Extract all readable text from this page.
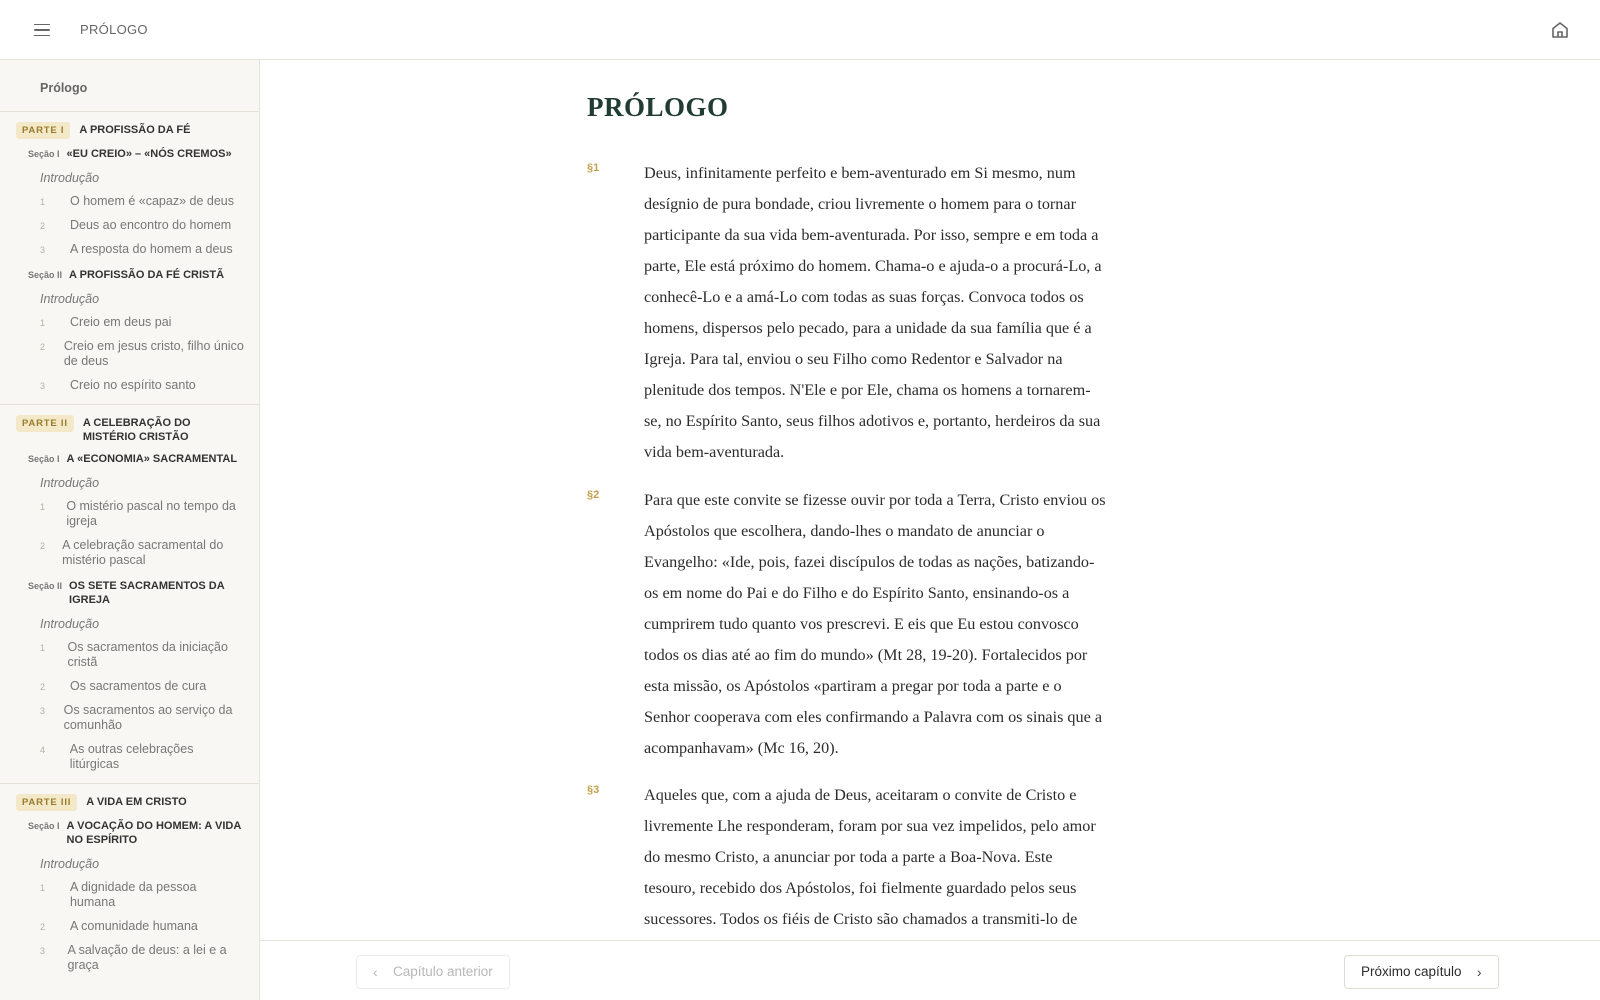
PRÓLOGO
Prólogo
PARTE I	A PROFISSÃO DA FÉ
Seção I «EU CREIO» – «NÓS CREMOS»
Introdução
1	O homem é «capaz» de deus
2	Deus ao encontro do homem
3	A resposta do homem a deus
Seção II A PROFISSÃO DA FÉ CRISTÃ
Introdução
1	Creio em deus pai
2	Creio em jesus cristo, filho único de deus
3	Creio no espírito santo
PARTE II	A CELEBRAÇÃO DO MISTÉRIO CRISTÃO
Seção I A «ECONOMIA» SACRAMENTAL
Introdução
1	O mistério pascal no tempo da igreja
2	A celebração sacramental do mistério pascal
Seção II OS SETE SACRAMENTOS DA IGREJA
Introdução
1	Os sacramentos da iniciação cristã
2	Os sacramentos de cura
3	Os sacramentos ao serviço da comunhão
4	As outras celebrações litúrgicas
PARTE III	A VIDA EM CRISTO
Seção I A VOCAÇÃO DO HOMEM: A VIDA NO ESPÍRITO
Introdução
1	A dignidade da pessoa humana
2	A comunidade humana
3	A salvação de deus: a lei e a graça
PRÓLOGO
§1	Deus, infinitamente perfeito e bem-aventurado em Si mesmo, num desígnio de pura bondade, criou livremente o homem para o tornar participante da sua vida bem-aventurada. Por isso, sempre e em toda a parte, Ele está próximo do homem. Chama-o e ajuda-o a procurá-Lo, a conhecê-Lo e a amá-Lo com todas as suas forças. Convoca todos os homens, dispersos pelo pecado, para a unidade da sua família que é a Igreja. Para tal, enviou o seu Filho como Redentor e Salvador na plenitude dos tempos. N'Ele e por Ele, chama os homens a tornarem-se, no Espírito Santo, seus filhos adotivos e, portanto, herdeiros da sua vida bem-aventurada.

§2	Para que este convite se fizesse ouvir por toda a Terra, Cristo enviou os Apóstolos que escolhera, dando-lhes o mandato de anunciar o Evangelho: «Ide, pois, fazei discípulos de todas as nações, batizando-os em nome do Pai e do Filho e do Espírito Santo, ensinando-os a cumprirem tudo quanto vos prescrevi. E eis que Eu estou convosco todos os dias até ao fim do mundo» (Mt 28, 19-20). Fortalecidos por esta missão, os Apóstolos «partiram a pregar por toda a parte e o Senhor cooperava com eles confirmando a Palavra com os sinais que a acompanhavam» (Mc 16, 20).

§3	Aqueles que, com a ajuda de Deus, aceitaram o convite de Cristo e livremente Lhe responderam, foram por sua vez impelidos, pelo amor do mesmo Cristo, a anunciar por toda a parte a Boa-Nova. Este tesouro, recebido dos Apóstolos, foi fielmente guardado pelos seus sucessores. Todos os fiéis de Cristo são chamados a transmiti-lo de

‹ Capítulo anterior	Próximo capítulo ›
